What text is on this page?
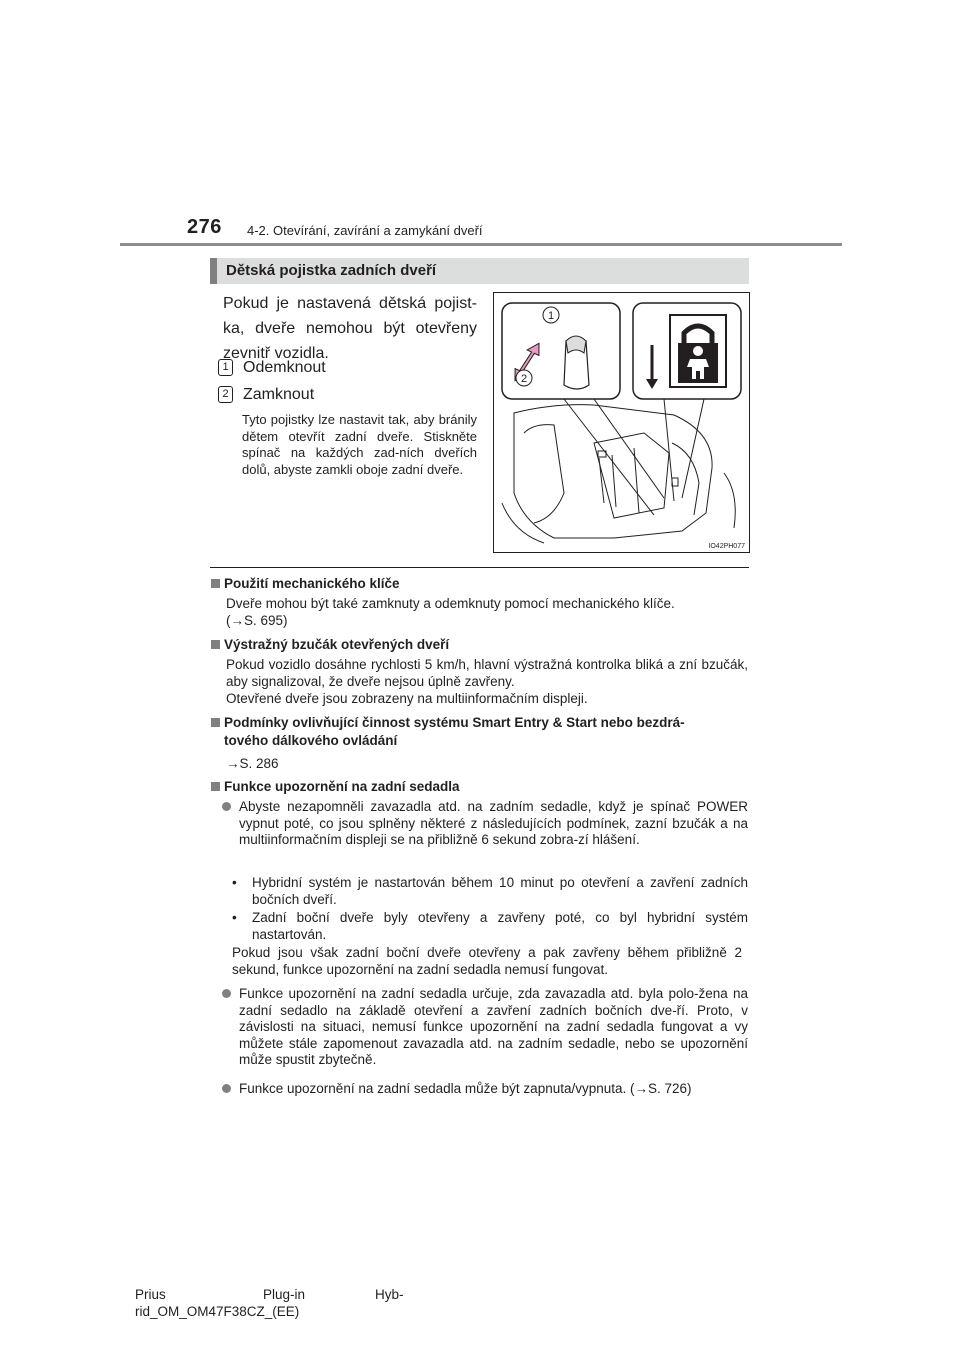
276 4-2. Otevírání, zavírání a zamykání dveří
Dětská pojistka zadních dveří
Pokud je nastavená dětská pojist-
ka, dveře nemohou být otevřeny
zevnitř vozidla.
1 Odemknout
2 Zamknout
Tyto pojistky lze nastavit tak, aby bránily dětem otevřít zadní dveře. Stiskněte spínač na každých zad-ních dveřích dolů, abyste zamkli oboje zadní dveře.
1
2
IO42PH077
Použití mechanického klíče
Dveře mohou být také zamknuty a odemknuty pomocí mechanického klíče.
(→S. 695)
Výstražný bzučák otevřených dveří
Pokud vozidlo dosáhne rychlosti 5 km/h, hlavní výstražná kontrolka bliká a zní bzučák, aby signalizoval, že dveře nejsou úplně zavřeny.
Otevřené dveře jsou zobrazeny na multiinformačním displeji.
Podmínky ovlivňující činnost systému Smart Entry & Start nebo bezdrá-
tového dálkového ovládání
→S. 286
Funkce upozornění na zadní sedadla
Abyste nezapomněli zavazadla atd. na zadním sedadle, když je spínač POWER vypnut poté, co jsou splněny některé z následujících podmínek, zazní bzučák a na multiinformačním displeji se na přibližně 6 sekund zobra-zí hlášení.
• Hybridní systém je nastartován během 10 minut po otevření a zavření zadních bočních dveří.
• Zadní boční dveře byly otevřeny a zavřeny poté, co byl hybridní systém nastartován.
Pokud jsou však zadní boční dveře otevřeny a pak zavřeny během přibližně 2 sekund, funkce upozornění na zadní sedadla nemusí fungovat.
Funkce upozornění na zadní sedadla určuje, zda zavazadla atd. byla polo-žena na zadní sedadlo na základě otevření a zavření zadních bočních dve-ří. Proto, v závislosti na situaci, nemusí funkce upozornění na zadní sedadla fungovat a vy můžete stále zapomenout zavazadla atd. na zadním sedadle, nebo se upozornění může spustit zbytečně.
Funkce upozornění na zadní sedadla může být zapnuta/vypnuta. (→S. 726)
Prius	Plug-in	Hyb-
rid_OM_OM47F38CZ_(EE)
